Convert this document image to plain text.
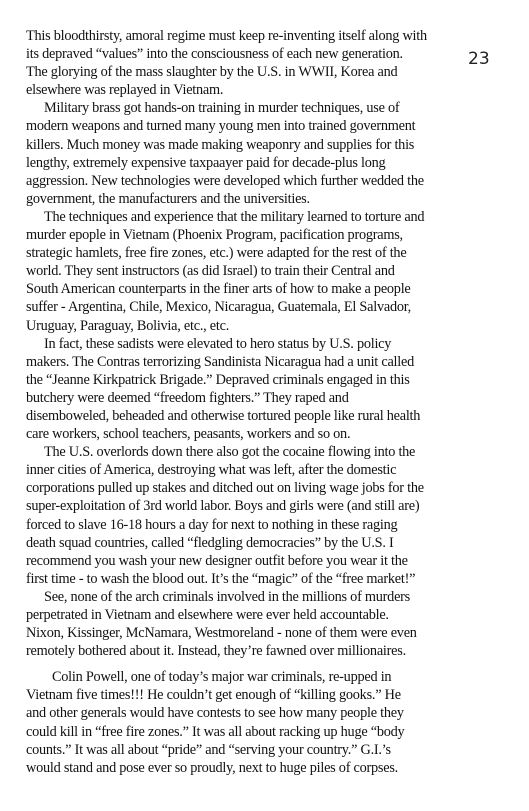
This bloodthirsty, amoral regime must keep re-inventing itself along with
its depraved “values” into the consciousness of each new generation.
The glorying of the mass slaughter by the U.S. in WWII, Korea and
elsewhere was replayed in Vietnam.
Military brass got hands-on training in murder techniques, use of
modern weapons and turned many young men into trained government
killers. Much money was made making weaponry and supplies for this
lengthy, extremely expensive taxpaayer paid for decade-plus long
aggression. New technologies were developed which further wedded the
government, the manufacturers and the universities.
The techniques and experience that the military learned to torture and
murder epople in Vietnam (Phoenix Program, pacification programs,
strategic hamlets, free fire zones, etc.) were adapted for the rest of the
world. They sent instructors (as did Israel) to train their Central and
South American counterparts in the finer arts of how to make a people
suffer - Argentina, Chile, Mexico, Nicaragua, Guatemala, El Salvador,
Uruguay, Paraguay, Bolivia, etc., etc.
In fact, these sadists were elevated to hero status by U.S. policy
makers. The Contras terrorizing Sandinista Nicaragua had a unit called
the “Jeanne Kirkpatrick Brigade.” Depraved criminals engaged in this
butchery were deemed “freedom fighters.” They raped and
disemboweled, beheaded and otherwise tortured people like rural health
care workers, school teachers, peasants, workers and so on.
The U.S. overlords down there also got the cocaine flowing into the
inner cities of America, destroying what was left, after the domestic
corporations pulled up stakes and ditched out on living wage jobs for the
super-exploitation of 3rd world labor. Boys and girls were (and still are)
forced to slave 16-18 hours a day for next to nothing in these raging
death squad countries, called “fledgling democracies” by the U.S. I
recommend you wash your new designer outfit before you wear it the
first time - to wash the blood out. It’s the “magic” of the “free market!”
See, none of the arch criminals involved in the millions of murders
perpetrated in Vietnam and elsewhere were ever held accountable.
Nixon, Kissinger, McNamara, Westmoreland - none of them were even
remotely bothered about it. Instead, they’re fawned over millionaires.
Colin Powell, one of today’s major war criminals, re-upped in
Vietnam five times!!! He couldn’t get enough of “killing gooks.” He
and other generals would have contests to see how many people they
could kill in “free fire zones.” It was all about racking up huge “body
counts.” It was all about “pride” and “serving your country.” G.I.’s
would stand and pose ever so proudly, next to huge piles of corpses.
23
